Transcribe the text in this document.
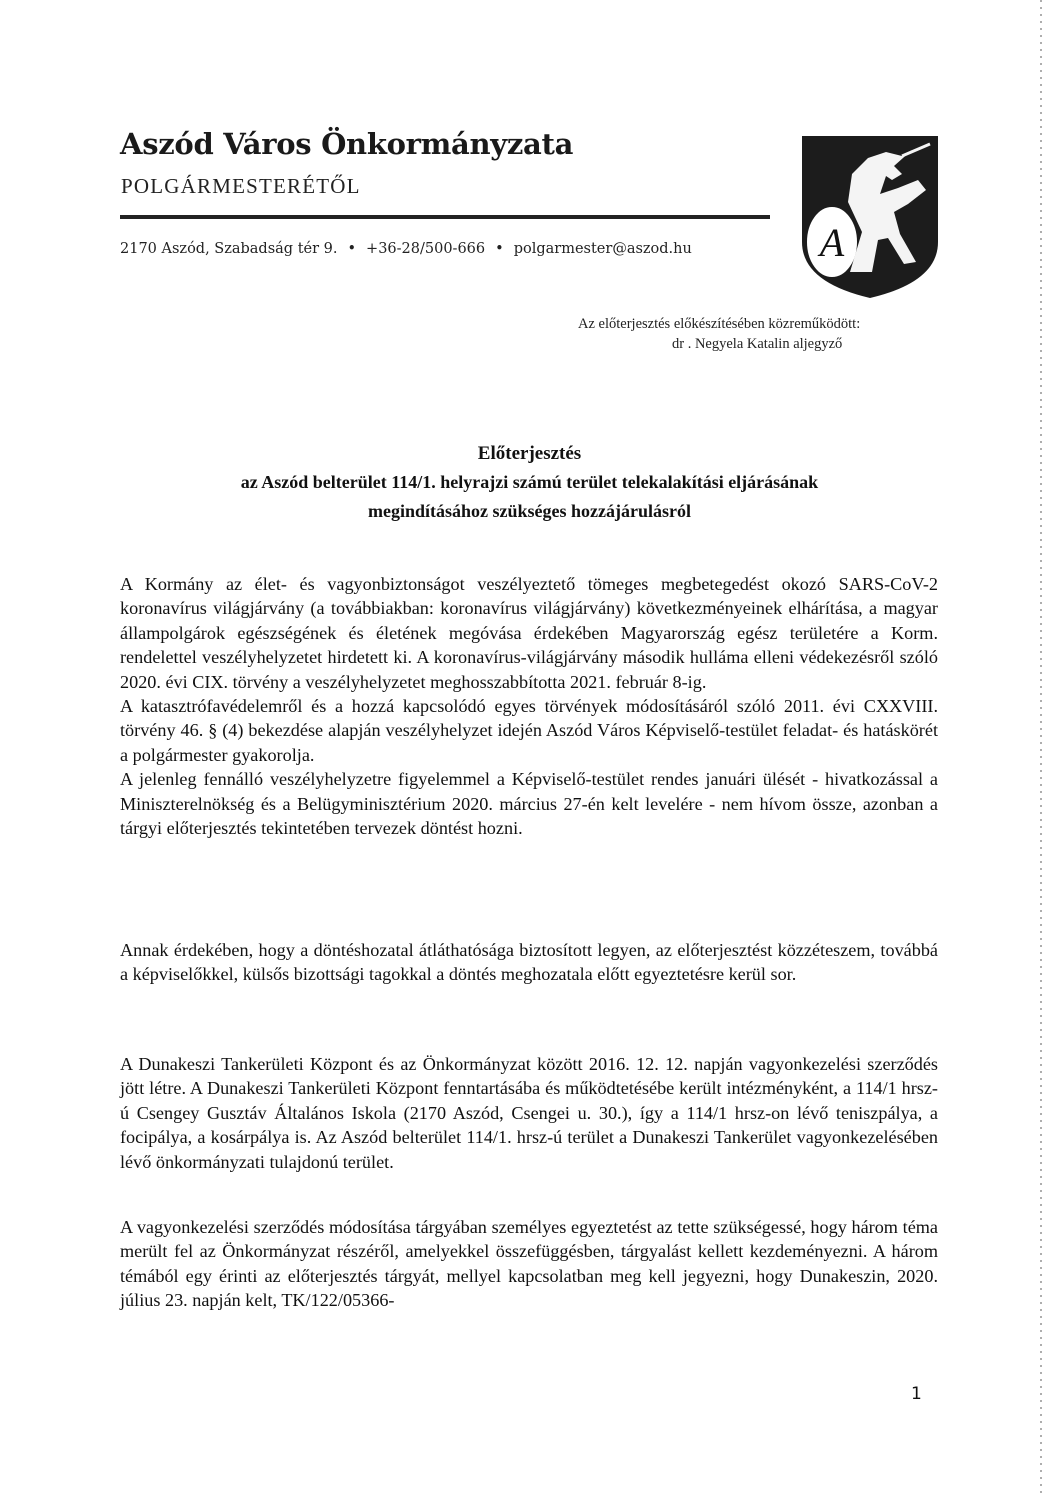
Aszód Város Önkormányzata
POLGÁRMESTERÉTŐL
2170 Aszód, Szabadság tér 9. • +36-28/500-666 • polgarmester@aszod.hu	A
Az előterjesztés előkészítésében közreműködött:
dr . Negyela Katalin aljegyző
Előterjesztés
az Aszód belterület 114/1. helyrajzi számú terület telekalakítási eljárásának
megindításához szükséges hozzájárulásról

A Kormány az élet- és vagyonbiztonságot veszélyeztető tömeges megbetegedést okozó SARS-CoV-2 koronavírus világjárvány (a továbbiakban: koronavírus világjárvány) következményeinek elhárítása, a magyar állampolgárok egészségének és életének megóvása érdekében Magyarország egész területére a Korm. rendelettel veszélyhelyzetet hirdetett ki. A koronavírus-világjárvány második hulláma elleni védekezésről szóló 2020. évi CIX. törvény a veszélyhelyzetet meghosszabbította 2021. február 8-ig.

A katasztrófavédelemről és a hozzá kapcsolódó egyes törvények módosításáról szóló 2011. évi CXXVIII. törvény 46. § (4) bekezdése alapján veszélyhelyzet idején Aszód Város Képviselő-testület feladat- és hatáskörét a polgármester gyakorolja.

A jelenleg fennálló veszélyhelyzetre figyelemmel a Képviselő-testület rendes januári ülését - hivatkozással a Miniszterelnökség és a Belügyminisztérium 2020. március 27-én kelt levelére - nem hívom össze, azonban a tárgyi előterjesztés tekintetében tervezek döntést hozni.

Annak érdekében, hogy a döntéshozatal átláthatósága biztosított legyen, az előterjesztést közzéteszem, továbbá a képviselőkkel, külsős bizottsági tagokkal a döntés meghozatala előtt egyeztetésre kerül sor.

A Dunakeszi Tankerületi Központ és az Önkormányzat között 2016. 12. 12. napján vagyonkezelési szerződés jött létre. A Dunakeszi Tankerületi Központ fenntartásába és működtetésébe került intézményként, a 114/1 hrsz-ú Csengey Gusztáv Általános Iskola (2170 Aszód, Csengei u. 30.), így a 114/1 hrsz-on lévő teniszpálya, a focipálya, a kosárpálya is. Az Aszód belterület 114/1. hrsz-ú terület a Dunakeszi Tankerület vagyonkezelésében lévő önkormányzati tulajdonú terület.

A vagyonkezelési szerződés módosítása tárgyában személyes egyeztetést az tette szükségessé, hogy három téma merült fel az Önkormányzat részéről, amelyekkel összefüggésben, tárgyalást kellett kezdeményezni. A három témából egy érinti az előterjesztés tárgyát, mellyel kapcsolatban meg kell jegyezni, hogy Dunakeszin, 2020. július 23. napján kelt, TK/122/05366-

1
